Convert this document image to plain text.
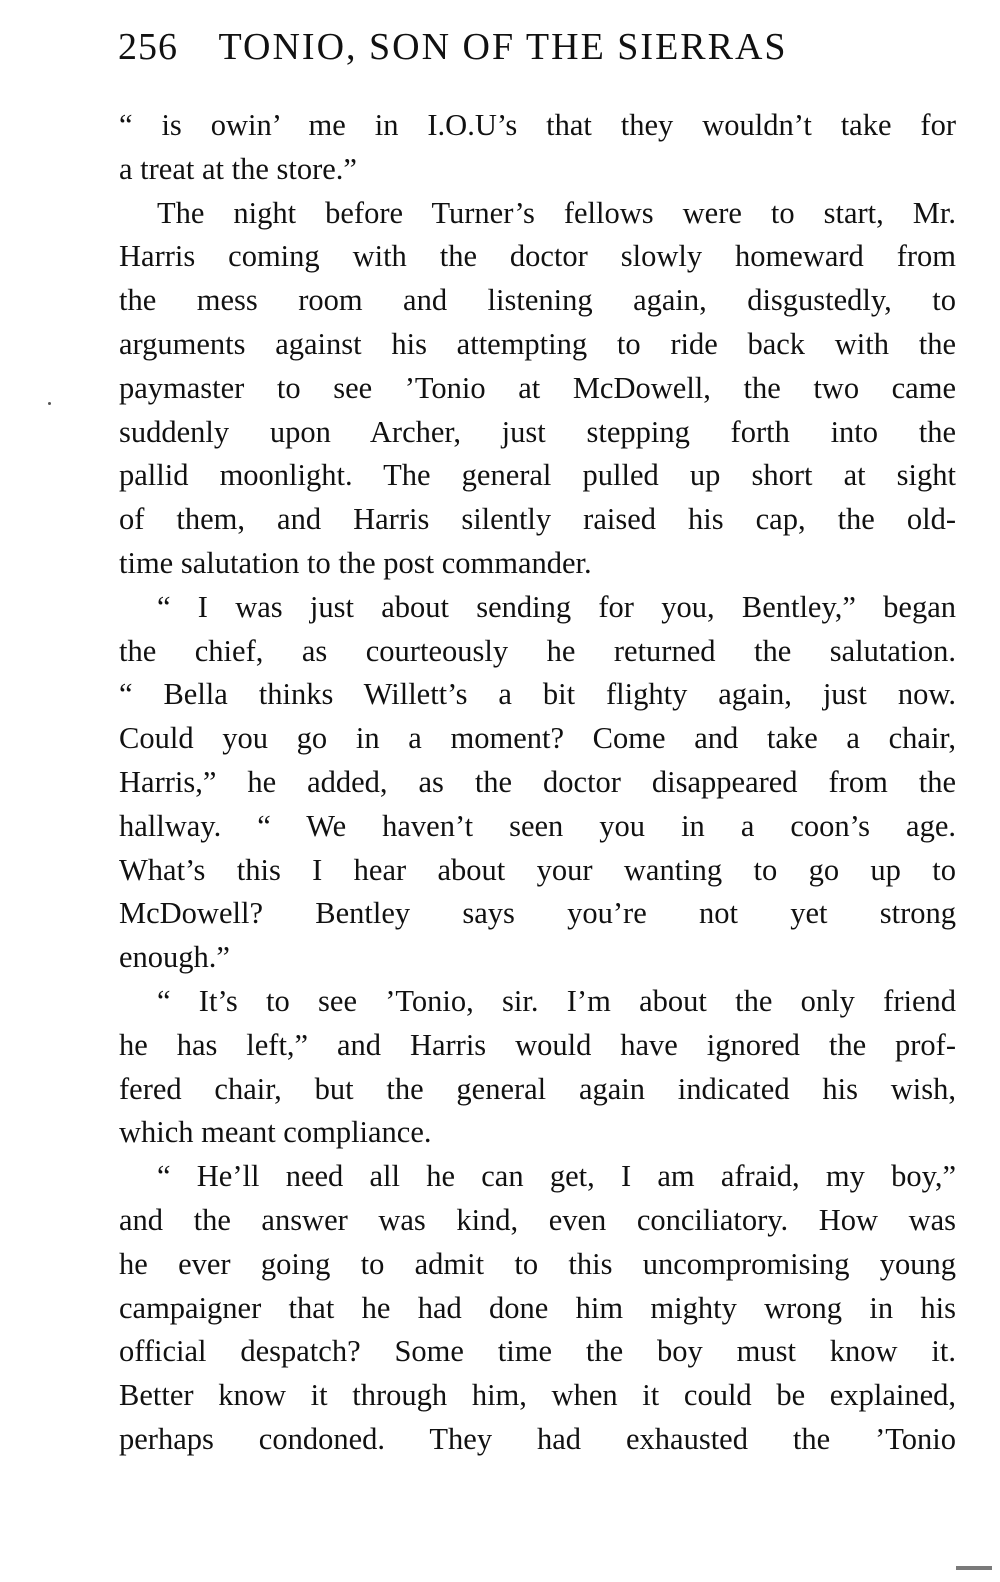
256 TONIO, SON OF THE SIERRAS
“ is owin’ me in I.O.U’s that they wouldn’t take for
a treat at the store.”
The night before Turner’s fellows were to start, Mr.
Harris coming with the doctor slowly homeward from
the mess room and listening again, disgustedly, to
arguments against his attempting to ride back with the
paymaster to see ’Tonio at McDowell, the two came
suddenly upon Archer, just stepping forth into the
pallid moonlight. The general pulled up short at sight
of them, and Harris silently raised his cap, the old-
time salutation to the post commander.
“ I was just about sending for you, Bentley,” began
the chief, as courteously he returned the salutation.
“ Bella thinks Willett’s a bit flighty again, just now.
Could you go in a moment? Come and take a chair,
Harris,” he added, as the doctor disappeared from the
hallway. “ We haven’t seen you in a coon’s age.
What’s this I hear about your wanting to go up to
McDowell? Bentley says you’re not yet strong
enough.”
“ It’s to see ’Tonio, sir. I’m about the only friend
he has left,” and Harris would have ignored the prof-
fered chair, but the general again indicated his wish,
which meant compliance.
“ He’ll need all he can get, I am afraid, my boy,”
and the answer was kind, even conciliatory. How was
he ever going to admit to this uncompromising young
campaigner that he had done him mighty wrong in his
official despatch? Some time the boy must know it.
Better know it through him, when it could be explained,
perhaps condoned. They had exhausted the ’Tonio
